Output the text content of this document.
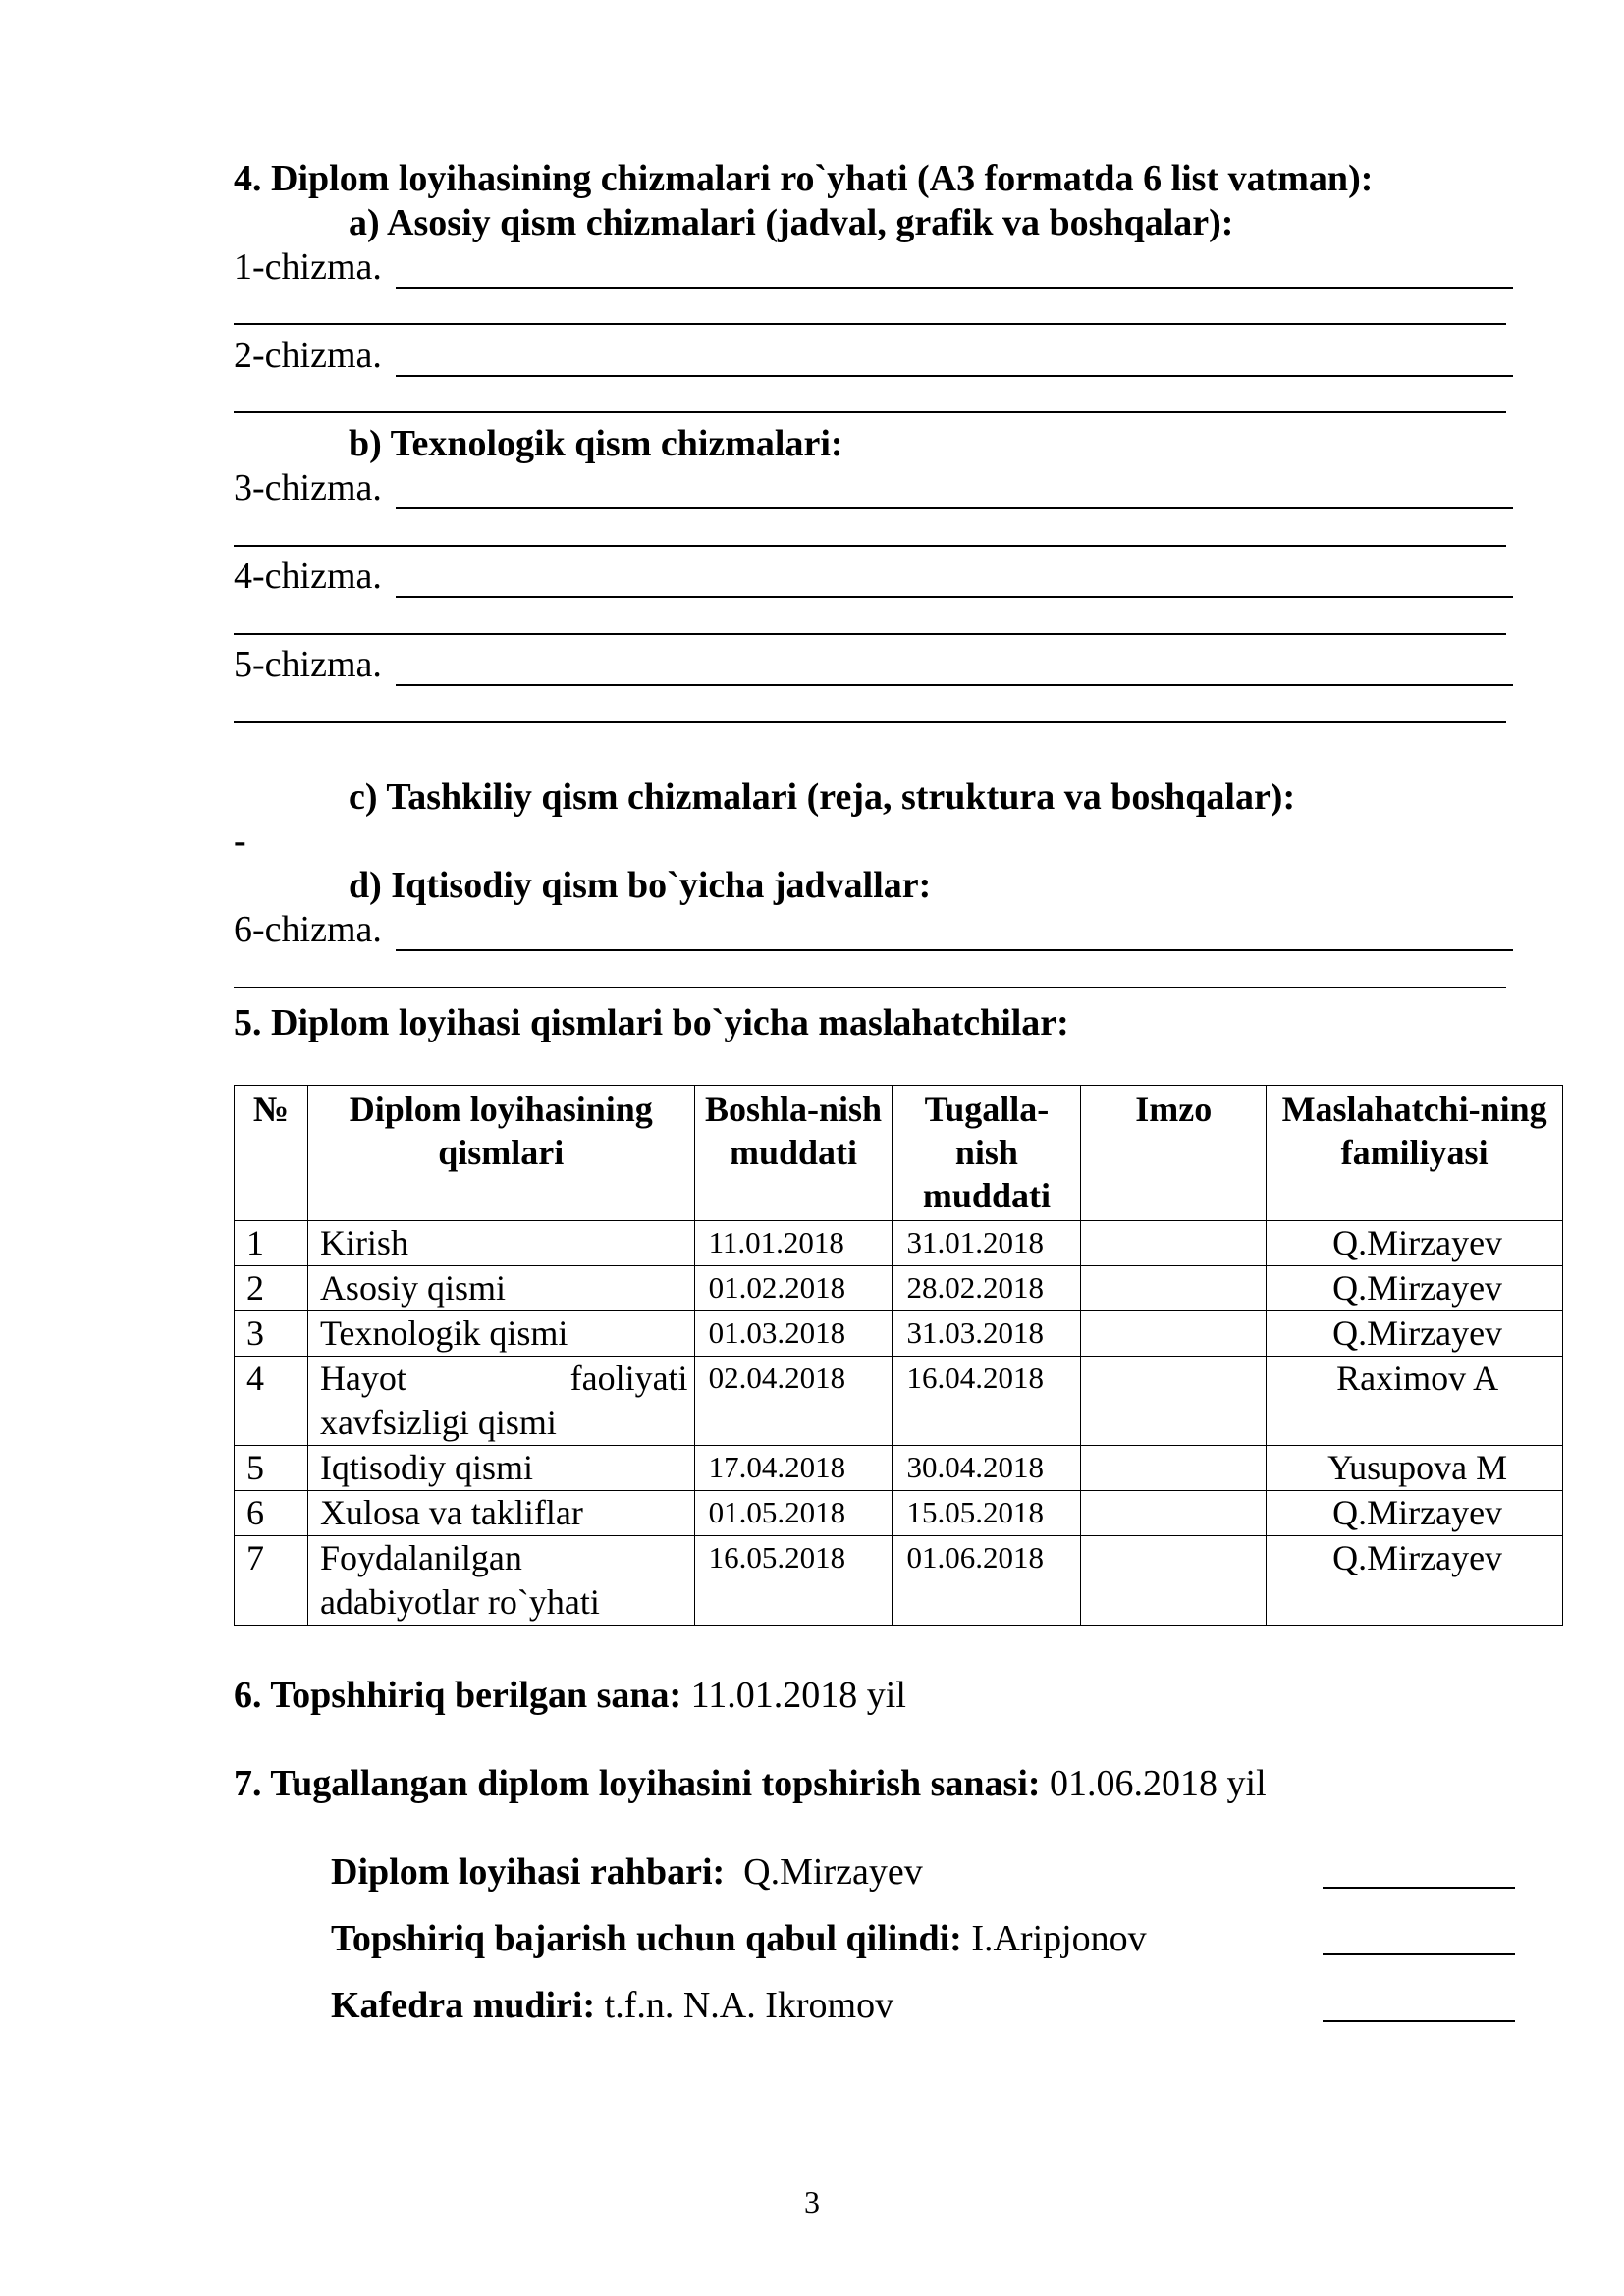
4. Diplom loyihasining chizmalari ro`yhati (A3 formatda 6 list vatman):
a) Asosiy qism chizmalari (jadval, grafik va boshqalar):
1-chizma.
2-chizma.
b) Texnologik qism chizmalari:
3-chizma.
4-chizma.
5-chizma.
c) Tashkiliy qism chizmalari (reja, struktura va boshqalar):
-
d) Iqtisodiy qism bo`yicha jadvallar:
6-chizma.
5. Diplom loyihasi qismlari bo`yicha maslahatchilar:
№	Diplom loyihasining qismlari	Boshla-nish muddati	Tugalla-nish muddati	Imzo	Maslahatchi-ning familiyasi
1	Kirish	11.01.2018	31.01.2018		Q.Mirzayev
2	Asosiy qismi	01.02.2018	28.02.2018		Q.Mirzayev
3	Texnologik qismi	01.03.2018	31.03.2018		Q.Mirzayev
4	Hayot faoliyati
xavfsizligi qismi	02.04.2018	16.04.2018		Raximov A
5	Iqtisodiy qismi	17.04.2018	30.04.2018		Yusupova M
6	Xulosa va takliflar	01.05.2018	15.05.2018		Q.Mirzayev
7	Foydalanilgan
adabiyotlar ro`yhati	16.05.2018	01.06.2018		Q.Mirzayev
6. Topshhiriq berilgan sana: 11.01.2018 yil
7. Tugallangan diplom loyihasini topshirish sanasi: 01.06.2018 yil
Diplom loyihasi rahbari:  Q.Mirzayev
Topshiriq bajarish uchun qabul qilindi: I.Aripjonov
Kafedra mudiri: t.f.n. N.A. Ikromov
3
